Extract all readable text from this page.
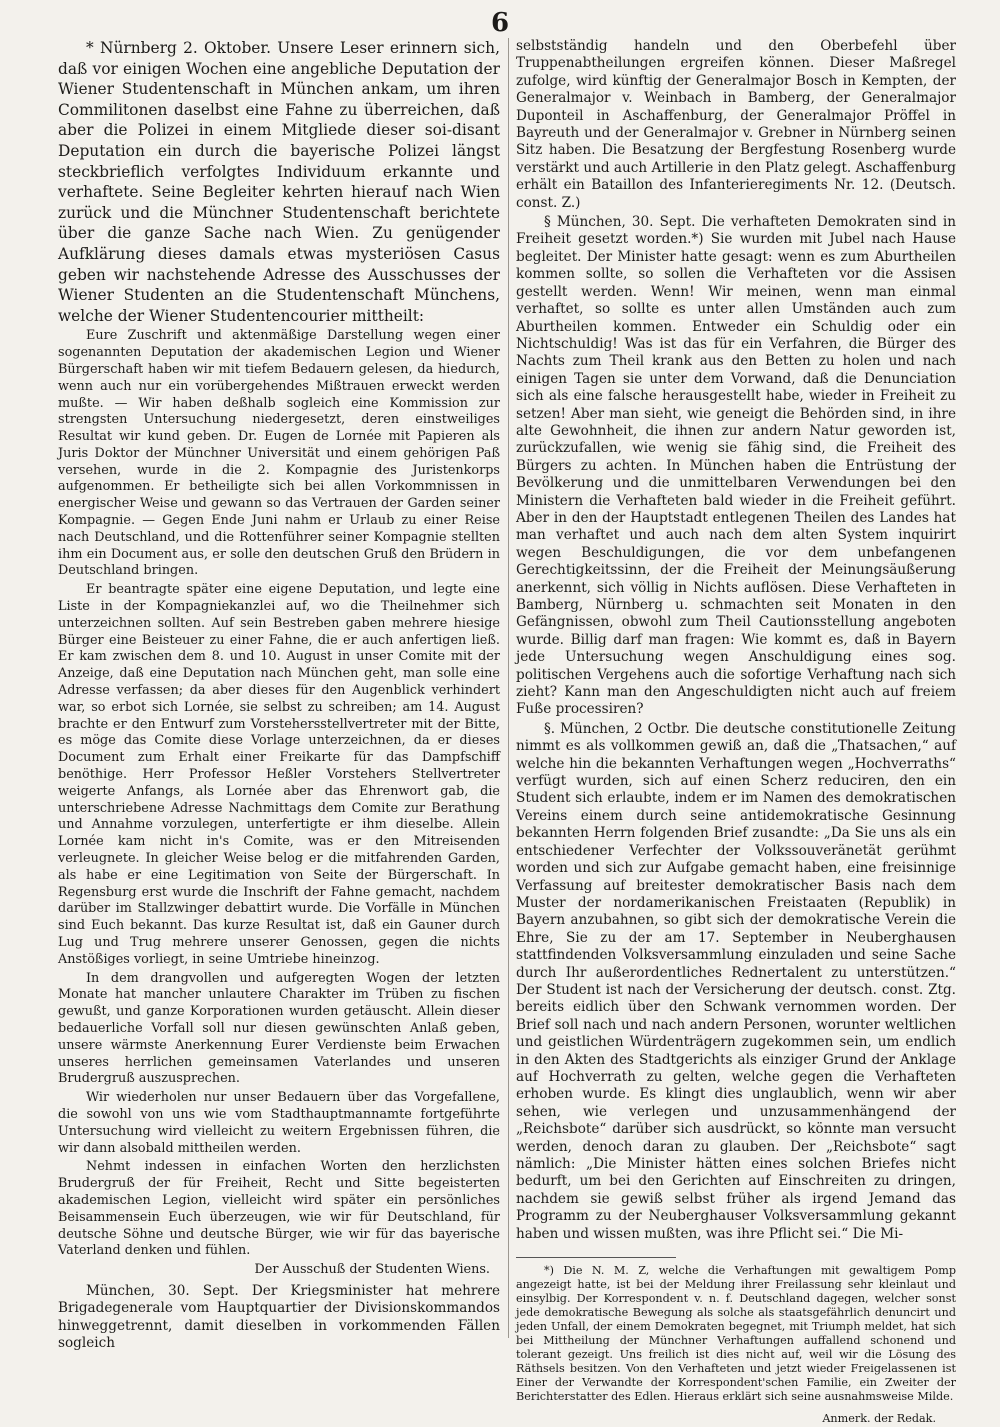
6

* Nürnberg 2. Oktober. Unsere Leser erinnern sich, daß vor einigen Wochen eine angebliche Deputation der Wiener Studentenschaft in München ankam, um ihren Commilitonen daselbst eine Fahne zu überreichen, daß aber die Polizei in einem Mitgliede dieser soi-disant Deputation ein durch die bayerische Polizei längst steckbrieflich verfolgtes Individuum erkannte und verhaftete. Seine Begleiter kehrten hierauf nach Wien zurück und die Münchner Studentenschaft berichtete über die ganze Sache nach Wien. Zu genügender Aufklärung dieses damals etwas mysteriösen Casus geben wir nachstehende Adresse des Ausschusses der Wiener Studenten an die Studentenschaft Münchens, welche der Wiener Studentencourier mittheilt:

Eure Zuschrift und aktenmäßige Darstellung wegen einer sogenannten Deputation der akademischen Legion und Wiener Bürgerschaft haben wir mit tiefem Bedauern gelesen, da hiedurch, wenn auch nur ein vorübergehendes Mißtrauen erweckt werden mußte. — Wir haben deßhalb sogleich eine Kommission zur strengsten Untersuchung niedergesetzt, deren einstweiliges Resultat wir kund geben. Dr. Eugen de Lornée mit Papieren als Juris Doktor der Münchner Universität und einem gehörigen Paß versehen, wurde in die 2. Kompagnie des Juristenkorps aufgenommen. Er betheiligte sich bei allen Vorkommnissen in energischer Weise und gewann so das Vertrauen der Garden seiner Kompagnie. — Gegen Ende Juni nahm er Urlaub zu einer Reise nach Deutschland, und die Rottenführer seiner Kompagnie stellten ihm ein Document aus, er solle den deutschen Gruß den Brüdern in Deutschland bringen.

Er beantragte später eine eigene Deputation, und legte eine Liste in der Kompagniekanzlei auf, wo die Theilnehmer sich unterzeichnen sollten. Auf sein Bestreben gaben mehrere hiesige Bürger eine Beisteuer zu einer Fahne, die er auch anfertigen ließ. Er kam zwischen dem 8. und 10. August in unser Comite mit der Anzeige, daß eine Deputation nach München geht, man solle eine Adresse verfassen; da aber dieses für den Augenblick verhindert war, so erbot sich Lornée, sie selbst zu schreiben; am 14. August brachte er den Entwurf zum Vorstehersstellvertreter mit der Bitte, es möge das Comite diese Vorlage unterzeichnen, da er dieses Document zum Erhalt einer Freikarte für das Dampfschiff benöthige. Herr Professor Heßler Vorstehers Stellvertreter weigerte Anfangs, als Lornée aber das Ehrenwort gab, die unterschriebene Adresse Nachmittags dem Comite zur Berathung und Annahme vorzulegen, unterfertigte er ihm dieselbe. Allein Lornée kam nicht in's Comite, was er den Mitreisenden verleugnete. In gleicher Weise belog er die mitfahrenden Garden, als habe er eine Legitimation von Seite der Bürgerschaft. In Regensburg erst wurde die Inschrift der Fahne gemacht, nachdem darüber im Stallzwinger debattirt wurde. Die Vorfälle in München sind Euch bekannt. Das kurze Resultat ist, daß ein Gauner durch Lug und Trug mehrere unserer Genossen, gegen die nichts Anstößiges vorliegt, in seine Umtriebe hineinzog.

In dem drangvollen und aufgeregten Wogen der letzten Monate hat mancher unlautere Charakter im Trüben zu fischen gewußt, und ganze Korporationen wurden getäuscht. Allein dieser bedauerliche Vorfall soll nur diesen gewünschten Anlaß geben, unsere wärmste Anerkennung Eurer Verdienste beim Erwachen unseres herrlichen gemeinsamen Vaterlandes und unseren Brudergruß auszusprechen.

Wir wiederholen nur unser Bedauern über das Vorgefallene, die sowohl von uns wie vom Stadthauptmannamte fortgeführte Untersuchung wird vielleicht zu weitern Ergebnissen führen, die wir dann alsobald mittheilen werden.

Nehmt indessen in einfachen Worten den herzlichsten Brudergruß der für Freiheit, Recht und Sitte begeisterten akademischen Legion, vielleicht wird später ein persönliches Beisammensein Euch überzeugen, wie wir für Deutschland, für deutsche Söhne und deutsche Bürger, wie wir für das bayerische Vaterland denken und fühlen.

Der Ausschuß der Studenten Wiens.

München, 30. Sept. Der Kriegsminister hat mehrere Brigadegenerale vom Hauptquartier der Divisionskommandos hinweggetrennt, damit dieselben in vorkommenden Fällen sogleich

selbstständig handeln und den Oberbefehl über Truppenabtheilungen ergreifen können. Dieser Maßregel zufolge, wird künftig der Generalmajor Bosch in Kempten, der Generalmajor v. Weinbach in Bamberg, der Generalmajor Duponteil in Aschaffenburg, der Generalmajor Pröffel in Bayreuth und der Generalmajor v. Grebner in Nürnberg seinen Sitz haben. Die Besatzung der Bergfestung Rosenberg wurde verstärkt und auch Artillerie in den Platz gelegt. Aschaffenburg erhält ein Bataillon des Infanterieregiments Nr. 12. (Deutsch. const. Z.)

§ München, 30. Sept. Die verhafteten Demokraten sind in Freiheit gesetzt worden.*) Sie wurden mit Jubel nach Hause begleitet. Der Minister hatte gesagt: wenn es zum Aburtheilen kommen sollte, so sollen die Verhafteten vor die Assisen gestellt werden. Wenn! Wir meinen, wenn man einmal verhaftet, so sollte es unter allen Umständen auch zum Aburtheilen kommen. Entweder ein Schuldig oder ein Nichtschuldig! Was ist das für ein Verfahren, die Bürger des Nachts zum Theil krank aus den Betten zu holen und nach einigen Tagen sie unter dem Vorwand, daß die Denunciation sich als eine falsche herausgestellt habe, wieder in Freiheit zu setzen! Aber man sieht, wie geneigt die Behörden sind, in ihre alte Gewohnheit, die ihnen zur andern Natur geworden ist, zurückzufallen, wie wenig sie fähig sind, die Freiheit des Bürgers zu achten. In München haben die Entrüstung der Bevölkerung und die unmittelbaren Verwendungen bei den Ministern die Verhafteten bald wieder in die Freiheit geführt. Aber in den der Hauptstadt entlegenen Theilen des Landes hat man verhaftet und auch nach dem alten System inquirirt wegen Beschuldigungen, die vor dem unbefangenen Gerechtigkeitssinn, der die Freiheit der Meinungsäußerung anerkennt, sich völlig in Nichts auflösen. Diese Verhafteten in Bamberg, Nürnberg u. schmachten seit Monaten in den Gefängnissen, obwohl zum Theil Cautionsstellung angeboten wurde. Billig darf man fragen: Wie kommt es, daß in Bayern jede Untersuchung wegen Anschuldigung eines sog. politischen Vergehens auch die sofortige Verhaftung nach sich zieht? Kann man den Angeschuldigten nicht auch auf freiem Fuße processiren?

§. München, 2 Octbr. Die deutsche constitutionelle Zeitung nimmt es als vollkommen gewiß an, daß die „Thatsachen,“ auf welche hin die bekannten Verhaftungen wegen „Hochverraths“ verfügt wurden, sich auf einen Scherz reduciren, den ein Student sich erlaubte, indem er im Namen des demokratischen Vereins einem durch seine antidemokratische Gesinnung bekannten Herrn folgenden Brief zusandte: „Da Sie uns als ein entschiedener Verfechter der Volkssouveränetät gerühmt worden und sich zur Aufgabe gemacht haben, eine freisinnige Verfassung auf breitester demokratischer Basis nach dem Muster der nordamerikanischen Freistaaten (Republik) in Bayern anzubahnen, so gibt sich der demokratische Verein die Ehre, Sie zu der am 17. September in Neuberghausen stattfindenden Volksversammlung einzuladen und seine Sache durch Ihr außerordentliches Rednertalent zu unterstützen.“ Der Student ist nach der Versicherung der deutsch. const. Ztg. bereits eidlich über den Schwank vernommen worden. Der Brief soll nach und nach andern Personen, worunter weltlichen und geistlichen Würdenträgern zugekommen sein, um endlich in den Akten des Stadtgerichts als einziger Grund der Anklage auf Hochverrath zu gelten, welche gegen die Verhafteten erhoben wurde. Es klingt dies unglaublich, wenn wir aber sehen, wie verlegen und unzusammenhängend der „Reichsbote“ darüber sich ausdrückt, so könnte man versucht werden, denoch daran zu glauben. Der „Reichsbote“ sagt nämlich: „Die Minister hätten eines solchen Briefes nicht bedurft, um bei den Gerichten auf Einschreiten zu dringen, nachdem sie gewiß selbst früher als irgend Jemand das Programm zu der Neuberghauser Volksversammlung gekannt haben und wissen mußten, was ihre Pflicht sei.“ Die Mi-

*) Die N. M. Z, welche die Verhaftungen mit gewaltigem Pomp angezeigt hatte, ist bei der Meldung ihrer Freilassung sehr kleinlaut und einsylbig. Der Korrespondent v. n. f. Deutschland dagegen, welcher sonst jede demokratische Bewegung als solche als staatsgefährlich denuncirt und jeden Unfall, der einem Demokraten begegnet, mit Triumph meldet, hat sich bei Mittheilung der Münchner Verhaftungen auffallend schonend und tolerant gezeigt. Uns freilich ist dies nicht auf, weil wir die Lösung des Räthsels besitzen. Von den Verhafteten und jetzt wieder Freigelassenen ist Einer der Verwandte der Korrespondent'schen Familie, ein Zweiter der Berichterstatter des Edlen. Hieraus erklärt sich seine ausnahmsweise Milde.

Anmerk. der Redak.
